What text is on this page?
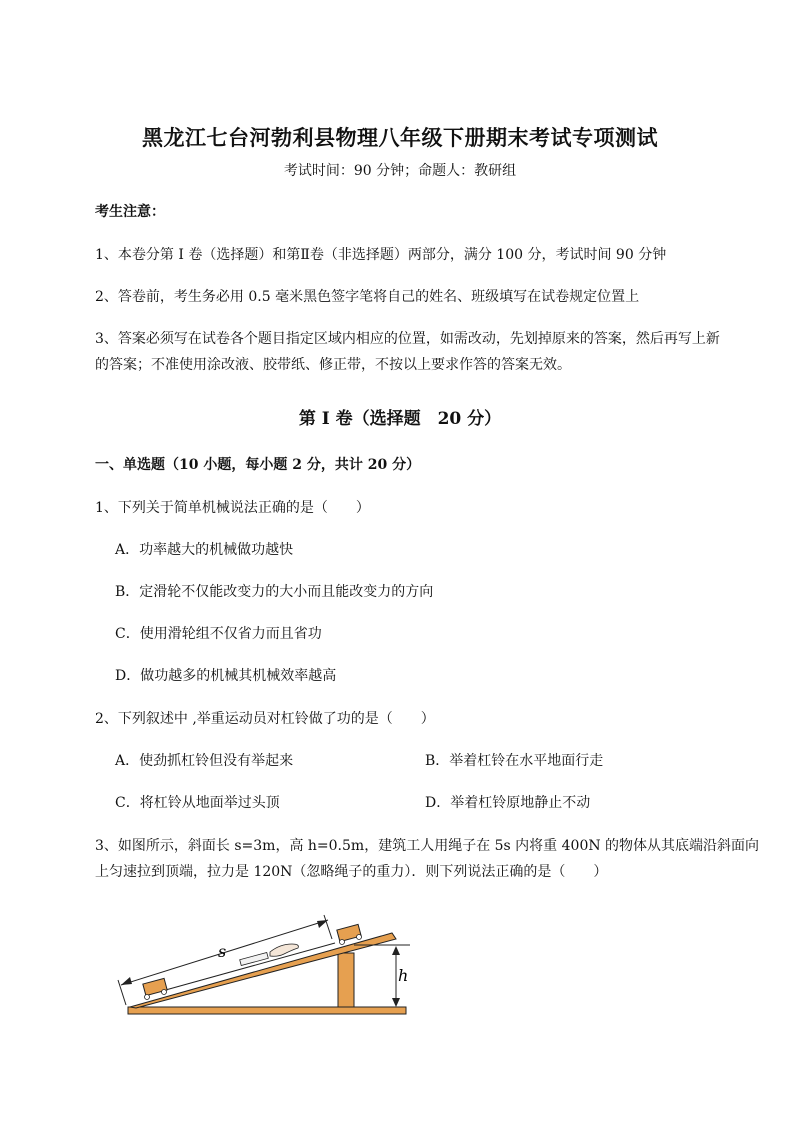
黑龙江七台河勃利县物理八年级下册期末考试专项测试
考试时间：90 分钟；命题人：教研组
考生注意：
1、本卷分第 I 卷（选择题）和第Ⅱ卷（非选择题）两部分，满分 100 分，考试时间 90 分钟
2、答卷前，考生务必用 0.5 毫米黑色签字笔将自己的姓名、班级填写在试卷规定位置上
3、答案必须写在试卷各个题目指定区域内相应的位置，如需改动，先划掉原来的答案，然后再写上新
的答案；不准使用涂改液、胶带纸、修正带，不按以上要求作答的答案无效。
第 I 卷（选择题　20 分）
一、单选题（10 小题，每小题 2 分，共计 20 分）
1、下列关于简单机械说法正确的是（　　）
A．功率越大的机械做功越快
B．定滑轮不仅能改变力的大小而且能改变力的方向
C．使用滑轮组不仅省力而且省功
D．做功越多的机械其机械效率越高
2、下列叙述中 ,举重运动员对杠铃做了功的是（　　）
A．使劲抓杠铃但没有举起来	B．举着杠铃在水平地面行走
C．将杠铃从地面举过头顶	D．举着杠铃原地静止不动
3、如图所示，斜面长 s=3m，高 h=0.5m，建筑工人用绳子在 5s 内将重 400N 的物体从其底端沿斜面向
上匀速拉到顶端，拉力是 120N（忽略绳子的重力）．则下列说法正确的是（　　）
h
s
